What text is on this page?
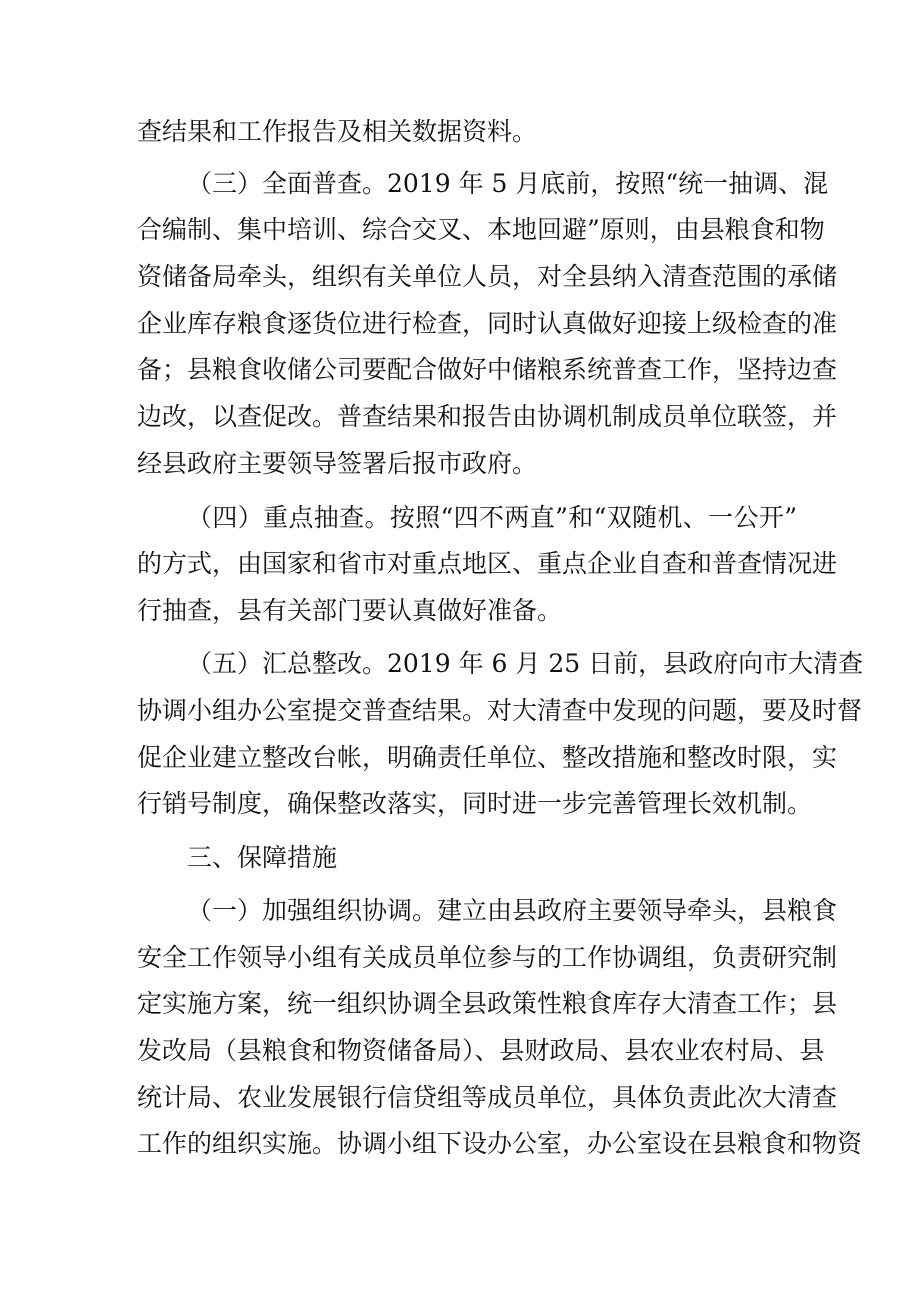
查结果和工作报告及相关数据资料。
（三）全面普查。2019 年 5 月底前，按照“统一抽调、混
合编制、集中培训、综合交叉、本地回避”原则，由县粮食和物
资储备局牵头，组织有关单位人员，对全县纳入清查范围的承储
企业库存粮食逐货位进行检查，同时认真做好迎接上级检查的准
备；县粮食收储公司要配合做好中储粮系统普查工作，坚持边查
边改，以查促改。普查结果和报告由协调机制成员单位联签，并
经县政府主要领导签署后报市政府。
（四）重点抽查。按照“四不两直”和“双随机、一公开”
的方式，由国家和省市对重点地区、重点企业自查和普查情况进
行抽查，县有关部门要认真做好准备。
（五）汇总整改。2019 年 6 月 25 日前，县政府向市大清查
协调小组办公室提交普查结果。对大清查中发现的问题，要及时督
促企业建立整改台帐，明确责任单位、整改措施和整改时限，实
行销号制度，确保整改落实，同时进一步完善管理长效机制。
三、保障措施
（一）加强组织协调。建立由县政府主要领导牵头，县粮食
安全工作领导小组有关成员单位参与的工作协调组，负责研究制
定实施方案，统一组织协调全县政策性粮食库存大清查工作；县
发改局（县粮食和物资储备局）、县财政局、县农业农村局、县
统计局、农业发展银行信贷组等成员单位，具体负责此次大清查
工作的组织实施。协调小组下设办公室，办公室设在县粮食和物资
